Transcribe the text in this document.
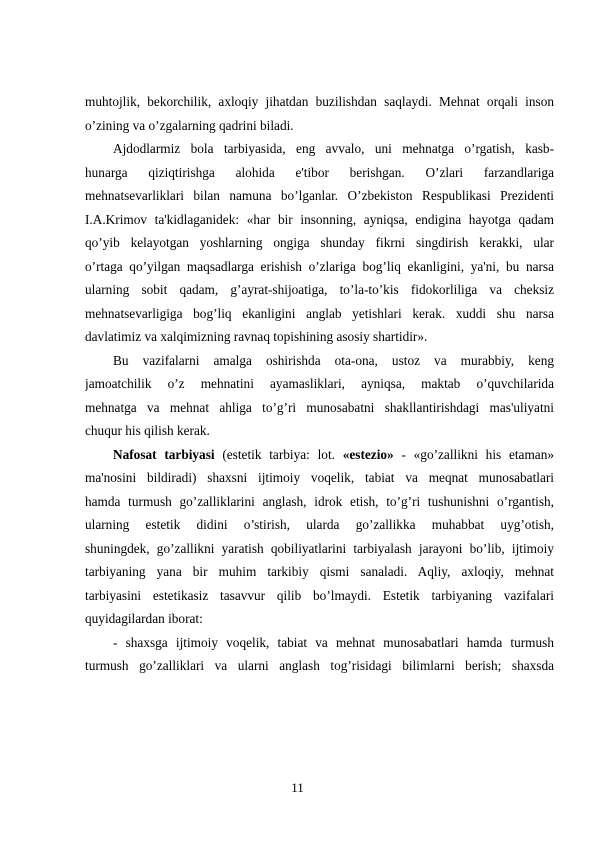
muhtojlik, bekorchilik, axloqiy jihatdan buzilishdan saqlaydi. Mehnat orqali inson
o’zining va o’zgalarning qadrini biladi.
Ajdodlarmiz bola tarbiyasida, eng avvalo, uni mehnatga o’rgatish, kasb-
hunarga qiziqtirishga alohida e'tibor berishgan. O’zlari farzandlariga
mehnatsevarliklari bilan namuna bo’lganlar. O’zbekiston Respublikasi Prezidenti
I.A.Krimov ta'kidlaganidek: «har bir insonning, ayniqsa, endigina hayotga qadam
qo’yib kelayotgan yoshlarning ongiga shunday fikrni singdirish kerakki, ular
o’rtaga qo’yilgan maqsadlarga erishish o’zlariga bog’liq ekanligini, ya'ni, bu narsa
ularning sobit qadam, g’ayrat-shijoatiga, to’la-to’kis fidokorliliga va cheksiz
mehnatsevarligiga bog’liq ekanligini anglab yetishlari kerak. xuddi shu narsa
davlatimiz va xalqimizning ravnaq topishining asosiy shartidir».
Bu vazifalarni amalga oshirishda ota-ona, ustoz va murabbiy, keng
jamoatchilik o’z mehnatini ayamasliklari, ayniqsa, maktab o’quvchilarida
mehnatga va mehnat ahliga to’g’ri munosabatni shakllantirishdagi mas'uliyatni
chuqur his qilish kerak.
Nafosat tarbiyasi (estetik tarbiya: lot. «estezio» - «go’zallikni his etaman»
ma'nosini bildiradi) shaxsni ijtimoiy voqelik, tabiat va meqnat munosabatlari
hamda turmush go’zalliklarini anglash, idrok etish, to’g’ri tushunishni o’rgantish,
ularning estetik didini o’stirish, ularda go’zallikka muhabbat uyg’otish,
shuningdek, go’zallikni yaratish qobiliyatlarini tarbiyalash jarayoni bo’lib, ijtimoiy
tarbiyaning yana bir muhim tarkibiy qismi sanaladi. Aqliy, axloqiy, mehnat
tarbiyasini estetikasiz tasavvur qilib bo’lmaydi. Estetik tarbiyaning vazifalari
quyidagilardan iborat:
- shaxsga ijtimoiy voqelik, tabiat va mehnat munosabatlari hamda turmush
turmush go’zalliklari va ularni anglash tog’risidagi bilimlarni berish; shaxsda
11
